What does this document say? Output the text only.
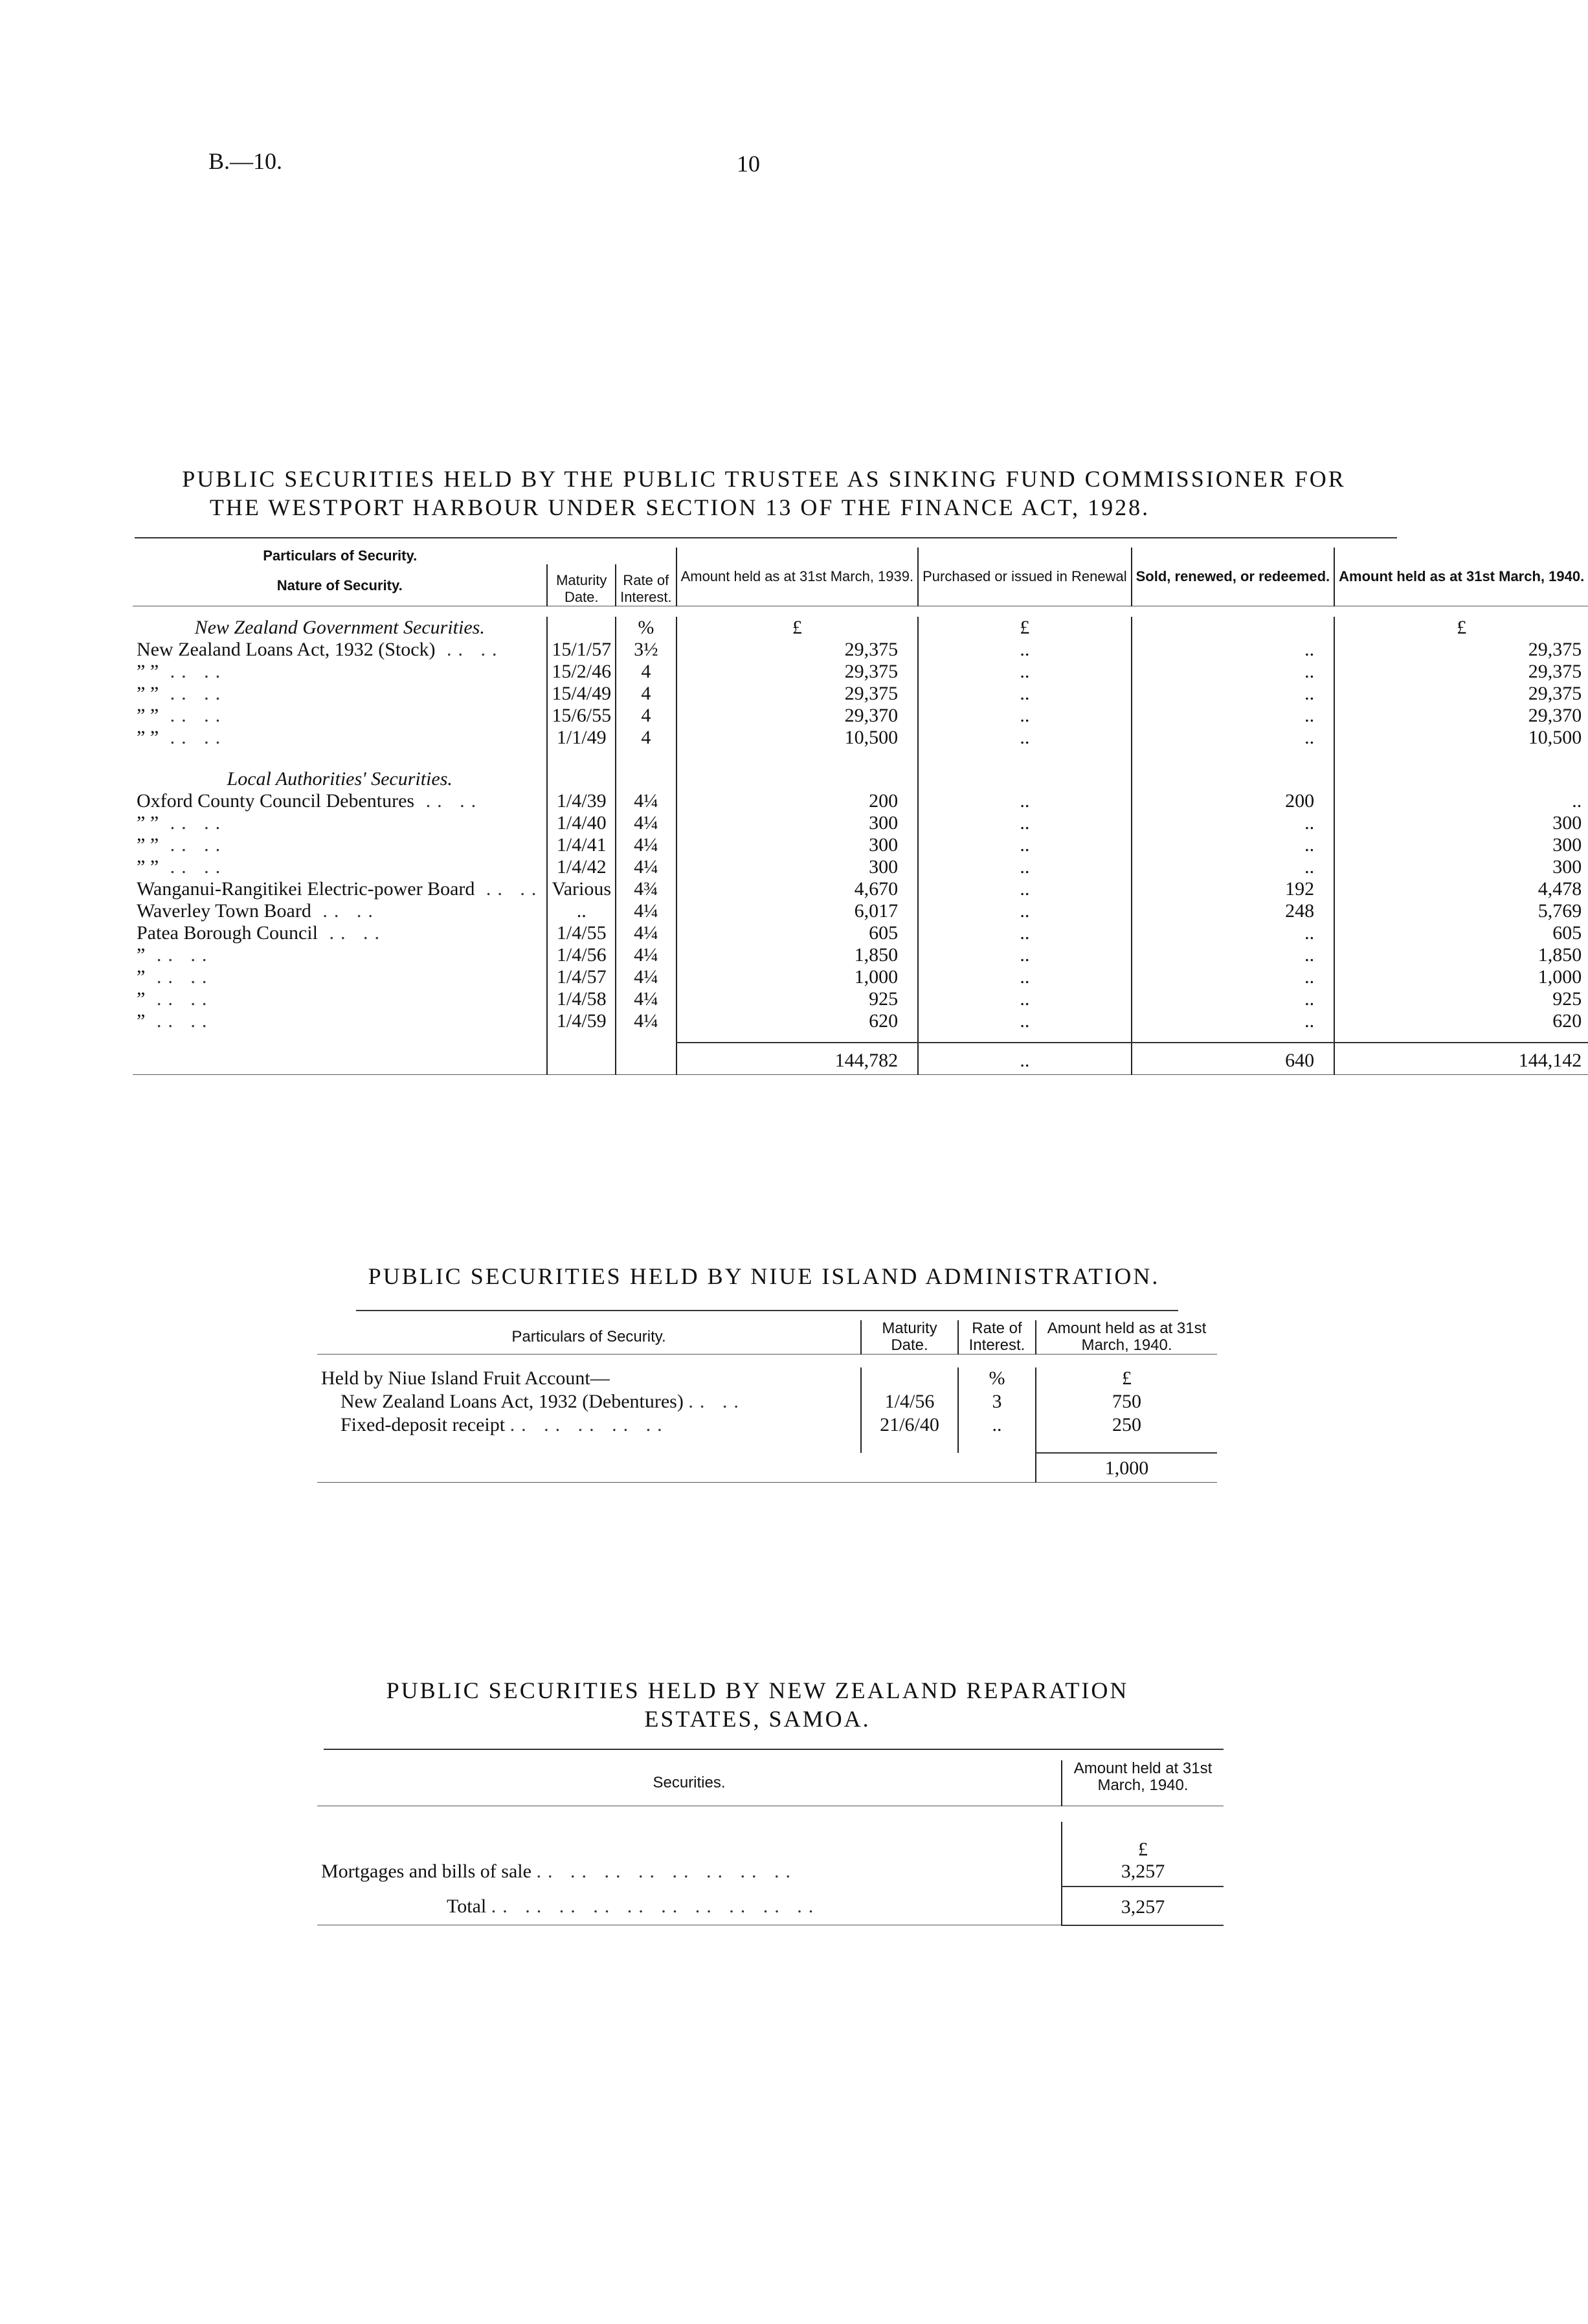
B.—10.	10
PUBLIC SECURITIES HELD BY THE PUBLIC TRUSTEE AS SINKING FUND COMMISSIONER FOR
THE WESTPORT HARBOUR UNDER SECTION 13 OF THE FINANCE ACT, 1928.
Particulars of Security.			Amount held as at 31st March, 1939.	Purchased or issued in Renewal	Sold, renewed, or redeemed.	Amount held as at 31st March, 1940.
Nature of Security.	Maturity Date.	Rate of Interest.				

New Zealand Government Securities.		%	£	£		£
New Zealand Loans Act, 1932 (Stock) .. ..	15/1/57	3½	29,375	..	..	29,375
” ” .. ..	15/2/46	4	29,375	..	..	29,375
” ” .. ..	15/4/49	4	29,375	..	..	29,375
” ” .. ..	15/6/55	4	29,370	..	..	29,370
” ” .. ..	1/1/49	4	10,500	..	..	10,500

Local Authorities' Securities.						
Oxford County Council Debentures .. ..	1/4/39	4¼	200	..	200	..
” ” .. ..	1/4/40	4¼	300	..	..	300
” ” .. ..	1/4/41	4¼	300	..	..	300
” ” .. ..	1/4/42	4¼	300	..	..	300
Wanganui-Rangitikei Electric-power Board .. ..	Various	4¾	4,670	..	192	4,478
Waverley Town Board .. ..	..	4¼	6,017	..	248	5,769
Patea Borough Council .. ..	1/4/55	4¼	605	..	..	605
” .. ..	1/4/56	4¼	1,850	..	..	1,850
” .. ..	1/4/57	4¼	1,000	..	..	1,000
” .. ..	1/4/58	4¼	925	..	..	925
” .. ..	1/4/59	4¼	620	..	..	620

			144,782	..	640	144,142

PUBLIC SECURITIES HELD BY NIUE ISLAND ADMINISTRATION.
Particulars of Security.	Maturity Date.	Rate of Interest.	Amount held as at 31st March, 1940.

Held by Niue Island Fruit Account—		%	£
New Zealand Loans Act, 1932 (Debentures) .. ..	1/4/56	3	750
Fixed-deposit receipt .. .. .. .. ..	21/6/40	..	250

			1,000

PUBLIC SECURITIES HELD BY NEW ZEALAND REPARATION
ESTATES, SAMOA.
Securities.	Amount held at 31st March, 1940.

	£
Mortgages and bills of sale .. .. .. .. .. .. .. ..	3,257
Total .. .. .. .. .. .. .. .. .. ..	3,257
